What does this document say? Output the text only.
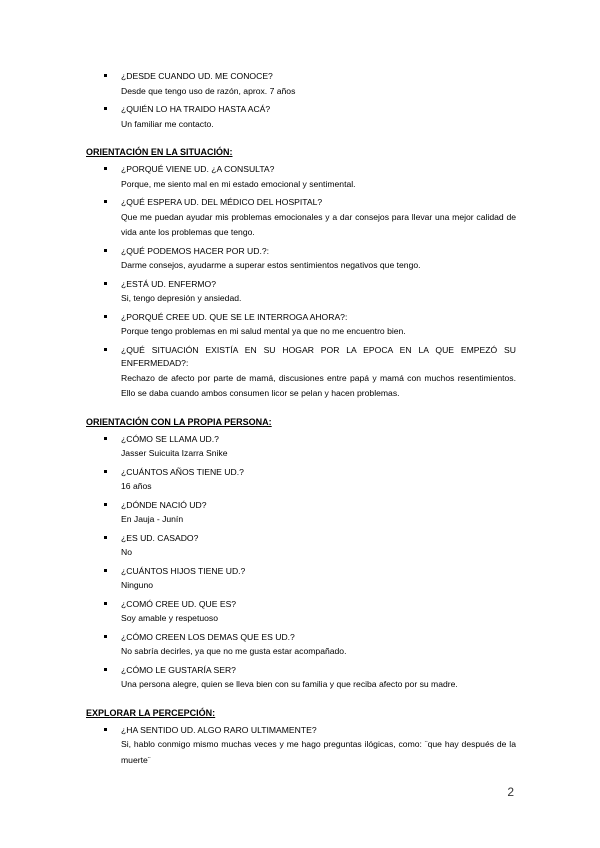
¿DESDE CUANDO UD. ME CONOCE?
Desde que tengo uso de razón, aprox. 7 años
¿QUIÉN LO HA TRAIDO HASTA ACÁ?
Un familiar me contacto.
ORIENTACIÓN EN LA SITUACIÓN:
¿PORQUÉ VIENE UD. ¿A CONSULTA?
Porque, me siento mal en mi estado emocional y sentimental.
¿QUÉ ESPERA UD. DEL MÉDICO DEL HOSPITAL?
Que me puedan ayudar mis problemas emocionales y a dar consejos para llevar una mejor calidad de vida ante los problemas que tengo.
¿QUÉ PODEMOS HACER POR UD.?:
Darme consejos, ayudarme a superar estos sentimientos negativos que tengo.
¿ESTÁ UD. ENFERMO?
Si, tengo depresión y ansiedad.
¿PORQUÉ CREE UD. QUE SE LE INTERROGA AHORA?:
Porque tengo problemas en mi salud mental ya que no me encuentro bien.
¿QUÉ SITUACIÓN EXISTÍA EN SU HOGAR POR LA EPOCA EN LA QUE EMPEZÓ SU ENFERMEDAD?:
Rechazo de afecto por parte de mamá, discusiones entre papá y mamá con muchos resentimientos. Ello se daba cuando ambos consumen licor se pelan y hacen problemas.
ORIENTACIÓN CON LA PROPIA PERSONA:
¿CÓMO SE LLAMA UD.?
Jasser Suicuita Izarra Snike
¿CUÁNTOS AÑOS TIENE UD.?
16 años
¿DÓNDE NACIÓ UD?
En Jauja - Junín
¿ES UD. CASADO?
No
¿CUÁNTOS HIJOS TIENE UD.?
Ninguno
¿COMÓ CREE UD. QUE ES?
Soy amable y respetuoso
¿CÓMO CREEN LOS DEMAS QUE ES UD.?
No sabría decirles, ya que no me gusta estar acompañado.
¿CÓMO LE GUSTARÍA SER?
Una persona alegre, quien se lleva bien con su familia y que reciba afecto por su madre.
EXPLORAR LA PERCEPCIÓN:
¿HA SENTIDO UD. ALGO RARO ULTIMAMENTE?
Si, hablo conmigo mismo muchas veces y me hago preguntas ilógicas, como: ¨que hay después de la muerte¨
2
